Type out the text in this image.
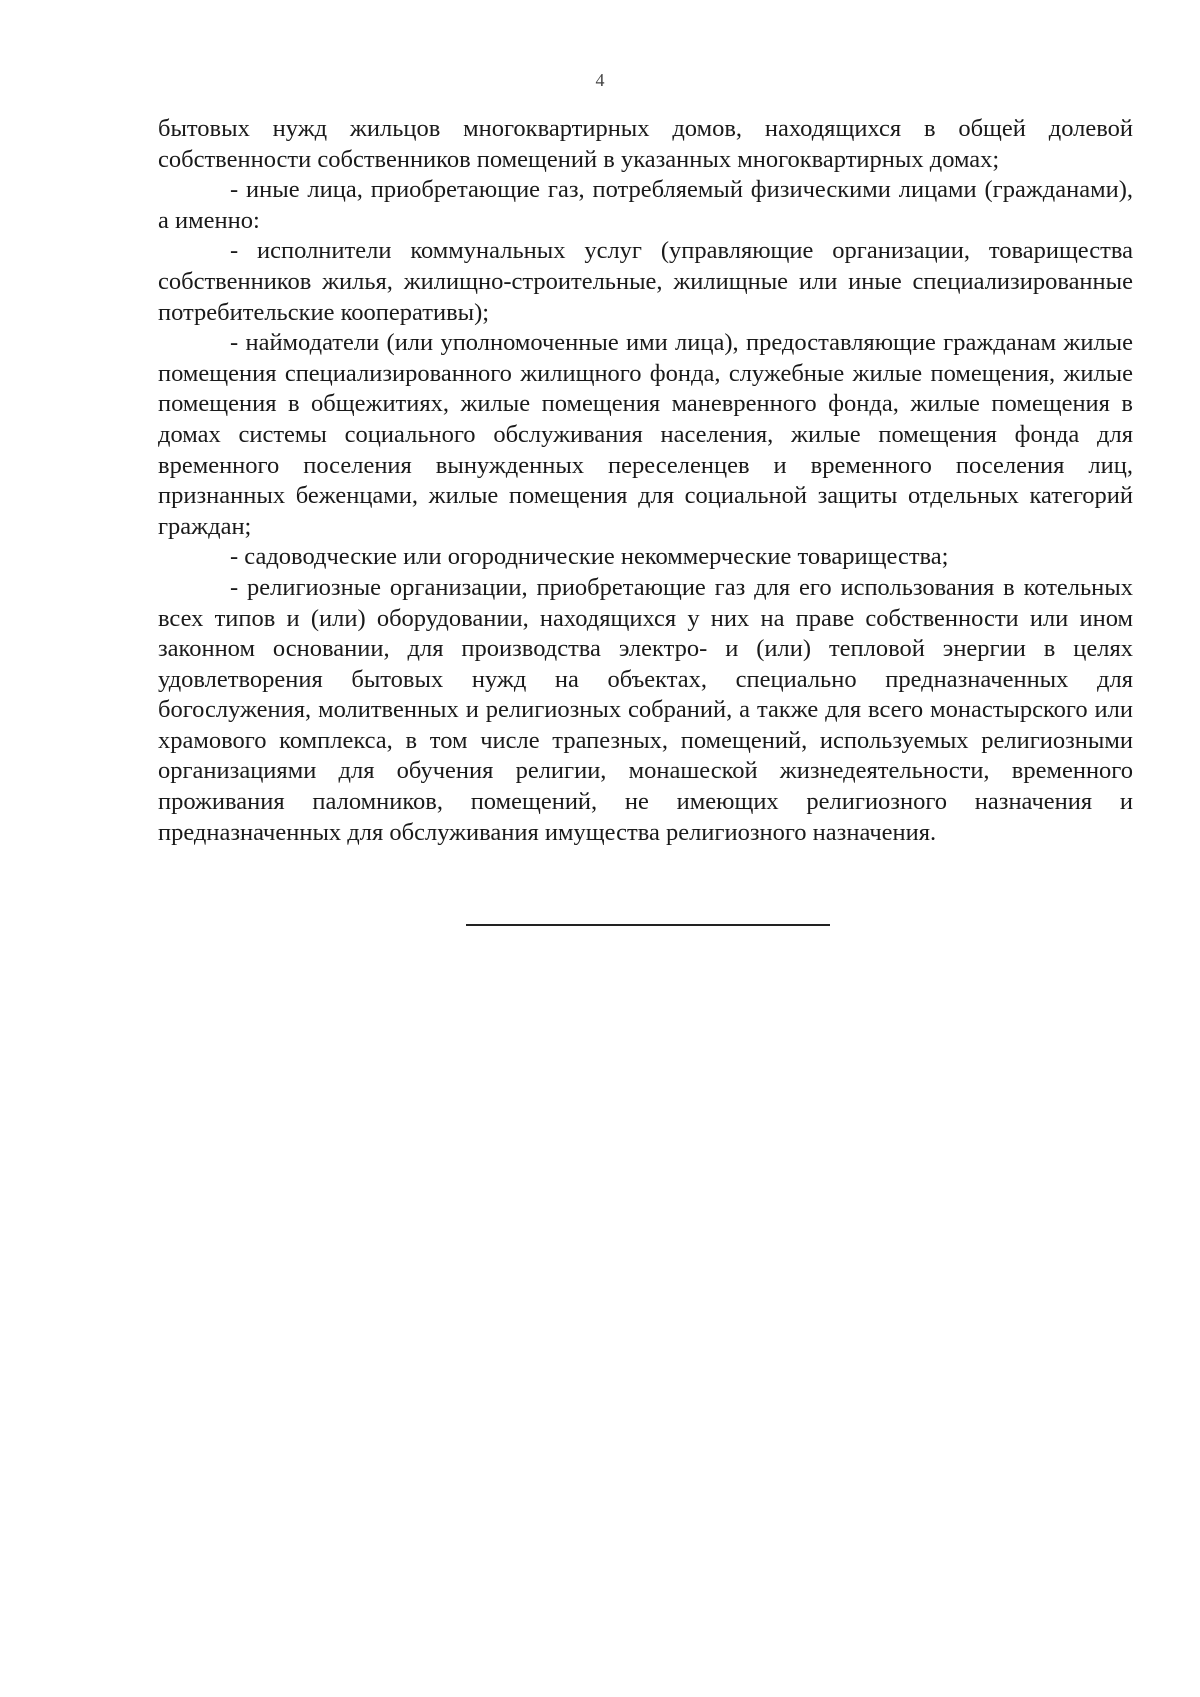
4

бытовых нужд жильцов многоквартирных домов, находящихся в общей долевой собственности собственников помещений в указанных многоквартирных домах;

- иные лица, приобретающие газ, потребляемый физическими лицами (гражданами), а именно:

- исполнители коммунальных услуг (управляющие организации, товарищества собственников жилья, жилищно-строительные, жилищные или иные специализированные потребительские кооперативы);

- наймодатели (или уполномоченные ими лица), предоставляющие гражданам жилые помещения специализированного жилищного фонда, служебные жилые помещения, жилые помещения в общежитиях, жилые помещения маневренного фонда, жилые помещения в домах системы социального обслуживания населения, жилые помещения фонда для временного поселения вынужденных переселенцев и временного поселения лиц, признанных беженцами, жилые помещения для социальной защиты отдельных категорий граждан;

- садоводческие или огороднические некоммерческие товарищества;

- религиозные организации, приобретающие газ для его использования в котельных всех типов и (или) оборудовании, находящихся у них на праве собственности или ином законном основании, для производства электро- и (или) тепловой энергии в целях удовлетворения бытовых нужд на объектах, специально предназначенных для богослужения, молитвенных и религиозных собраний, а также для всего монастырского или храмового комплекса, в том числе трапезных, помещений, используемых религиозными организациями для обучения религии, монашеской жизнедеятельности, временного проживания паломников, помещений, не имеющих религиозного назначения и предназначенных для обслуживания имущества религиозного назначения.
